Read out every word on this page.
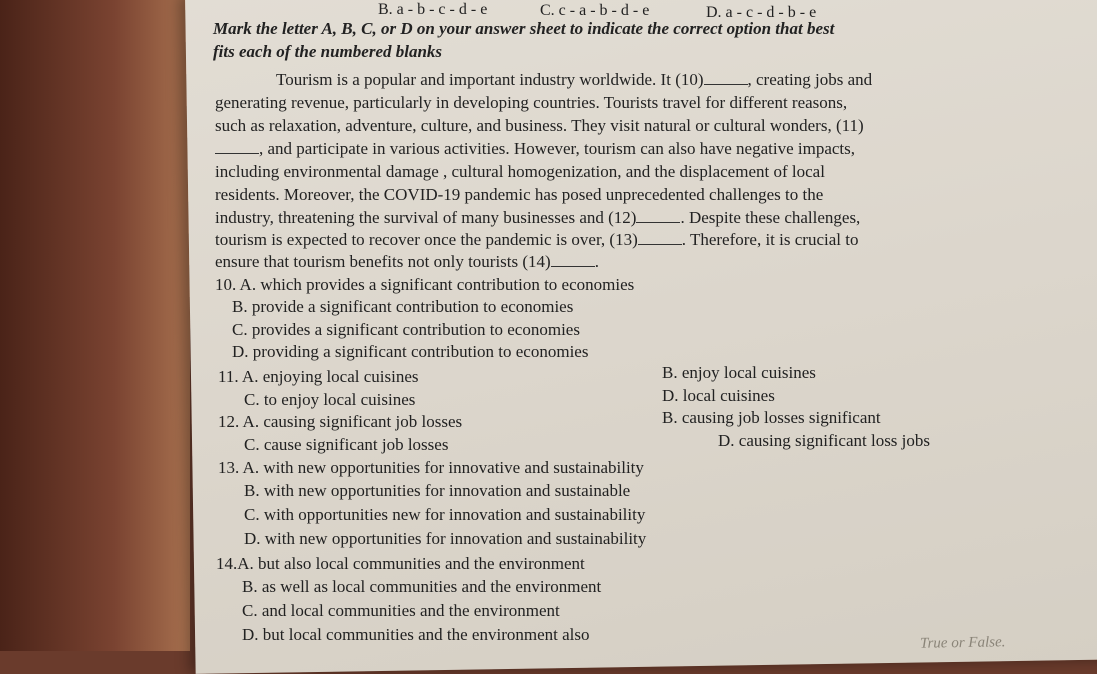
B. a - b - c - d - e	C. c - a - b - d - e	D. a - c - d - b - e
Mark the letter A, B, C, or D on your answer sheet to indicate the correct option that best
fits each of the numbered blanks
Tourism is a popular and important industry worldwide. It (10)	, creating jobs and
generating revenue, particularly in developing countries. Tourists travel for different reasons,
such as relaxation, adventure, culture, and business. They visit natural or cultural wonders, (11)
, and participate in various activities. However, tourism can also have negative impacts,
including environmental damage , cultural homogenization, and the displacement of local
residents. Moreover, the COVID-19 pandemic has posed unprecedented challenges to the
industry, threatening the survival of many businesses and (12)	. Despite these challenges,
tourism is expected to recover once the pandemic is over, (13)	. Therefore, it is crucial to
ensure that tourism benefits not only tourists (14)	.
10. A. which provides a significant contribution to economies
B. provide a significant contribution to economies
C. provides a significant contribution to economies
D. providing a significant contribution to economies
11. A. enjoying local cuisines	B. enjoy local cuisines
C. to enjoy local cuisines	D. local cuisines
12. A. causing significant job losses	B. causing job losses significant
C. cause significant job losses	D. causing significant loss jobs
13. A. with new opportunities for innovative and sustainability
B. with new opportunities for innovation and sustainable
C. with opportunities new for innovation and sustainability
D. with new opportunities for innovation and sustainability
14.A. but also local communities and the environment
B. as well as local communities and the environment
C. and local communities and the environment
D. but local communities and the environment also	True or False.
